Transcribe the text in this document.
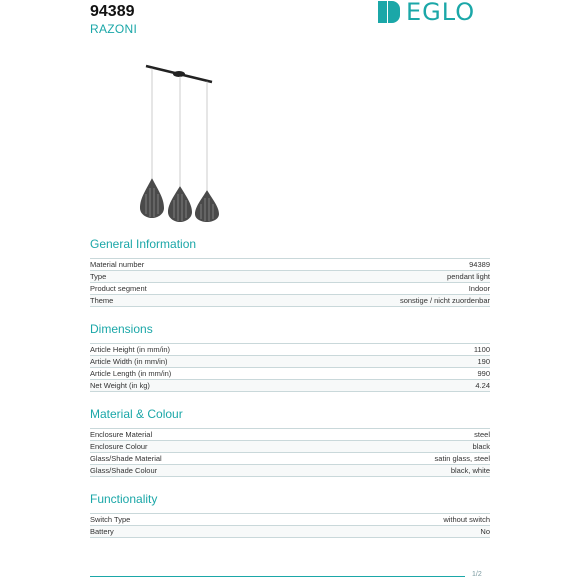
94389
RAZONI
EGLO
General Information
Material number	94389
Type	pendant light
Product segment	Indoor
Theme	sonstige / nicht zuordenbar
Dimensions
Article Height (in mm/in)	1100
Article Width (in mm/in)	190
Article Length (in mm/in)	990
Net Weight (in kg)	4.24
Material & Colour
Enclosure Material	steel
Enclosure Colour	black
Glass/Shade Material	satin glass, steel
Glass/Shade Colour	black, white
Functionality
Switch Type	without switch
Battery	No
1/2
